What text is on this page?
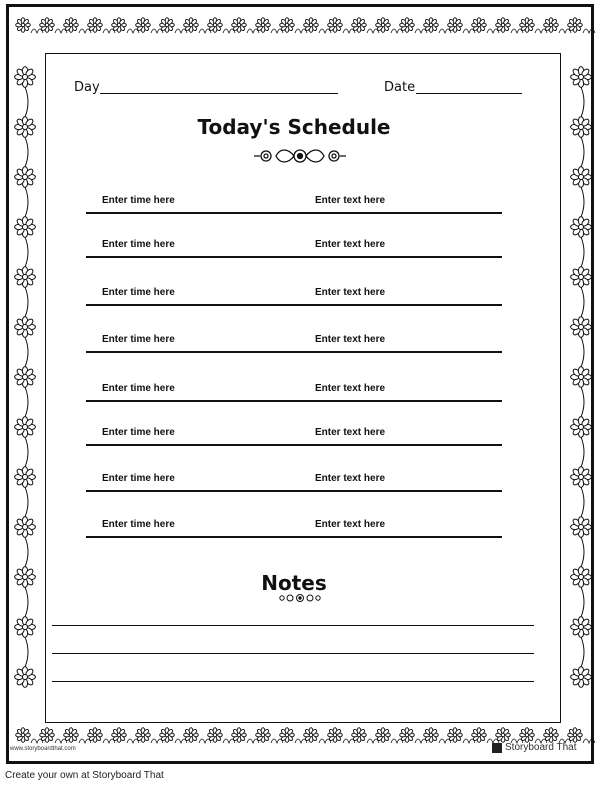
Day	Date
Today's Schedule
Enter time here	Enter text here
Enter time here	Enter text here
Enter time here	Enter text here
Enter time here	Enter text here
Enter time here	Enter text here
Enter time here	Enter text here
Enter time here	Enter text here
Enter time here	Enter text here
Notes
www.storyboardthat.com	Storyboard That
Create your own at Storyboard That
